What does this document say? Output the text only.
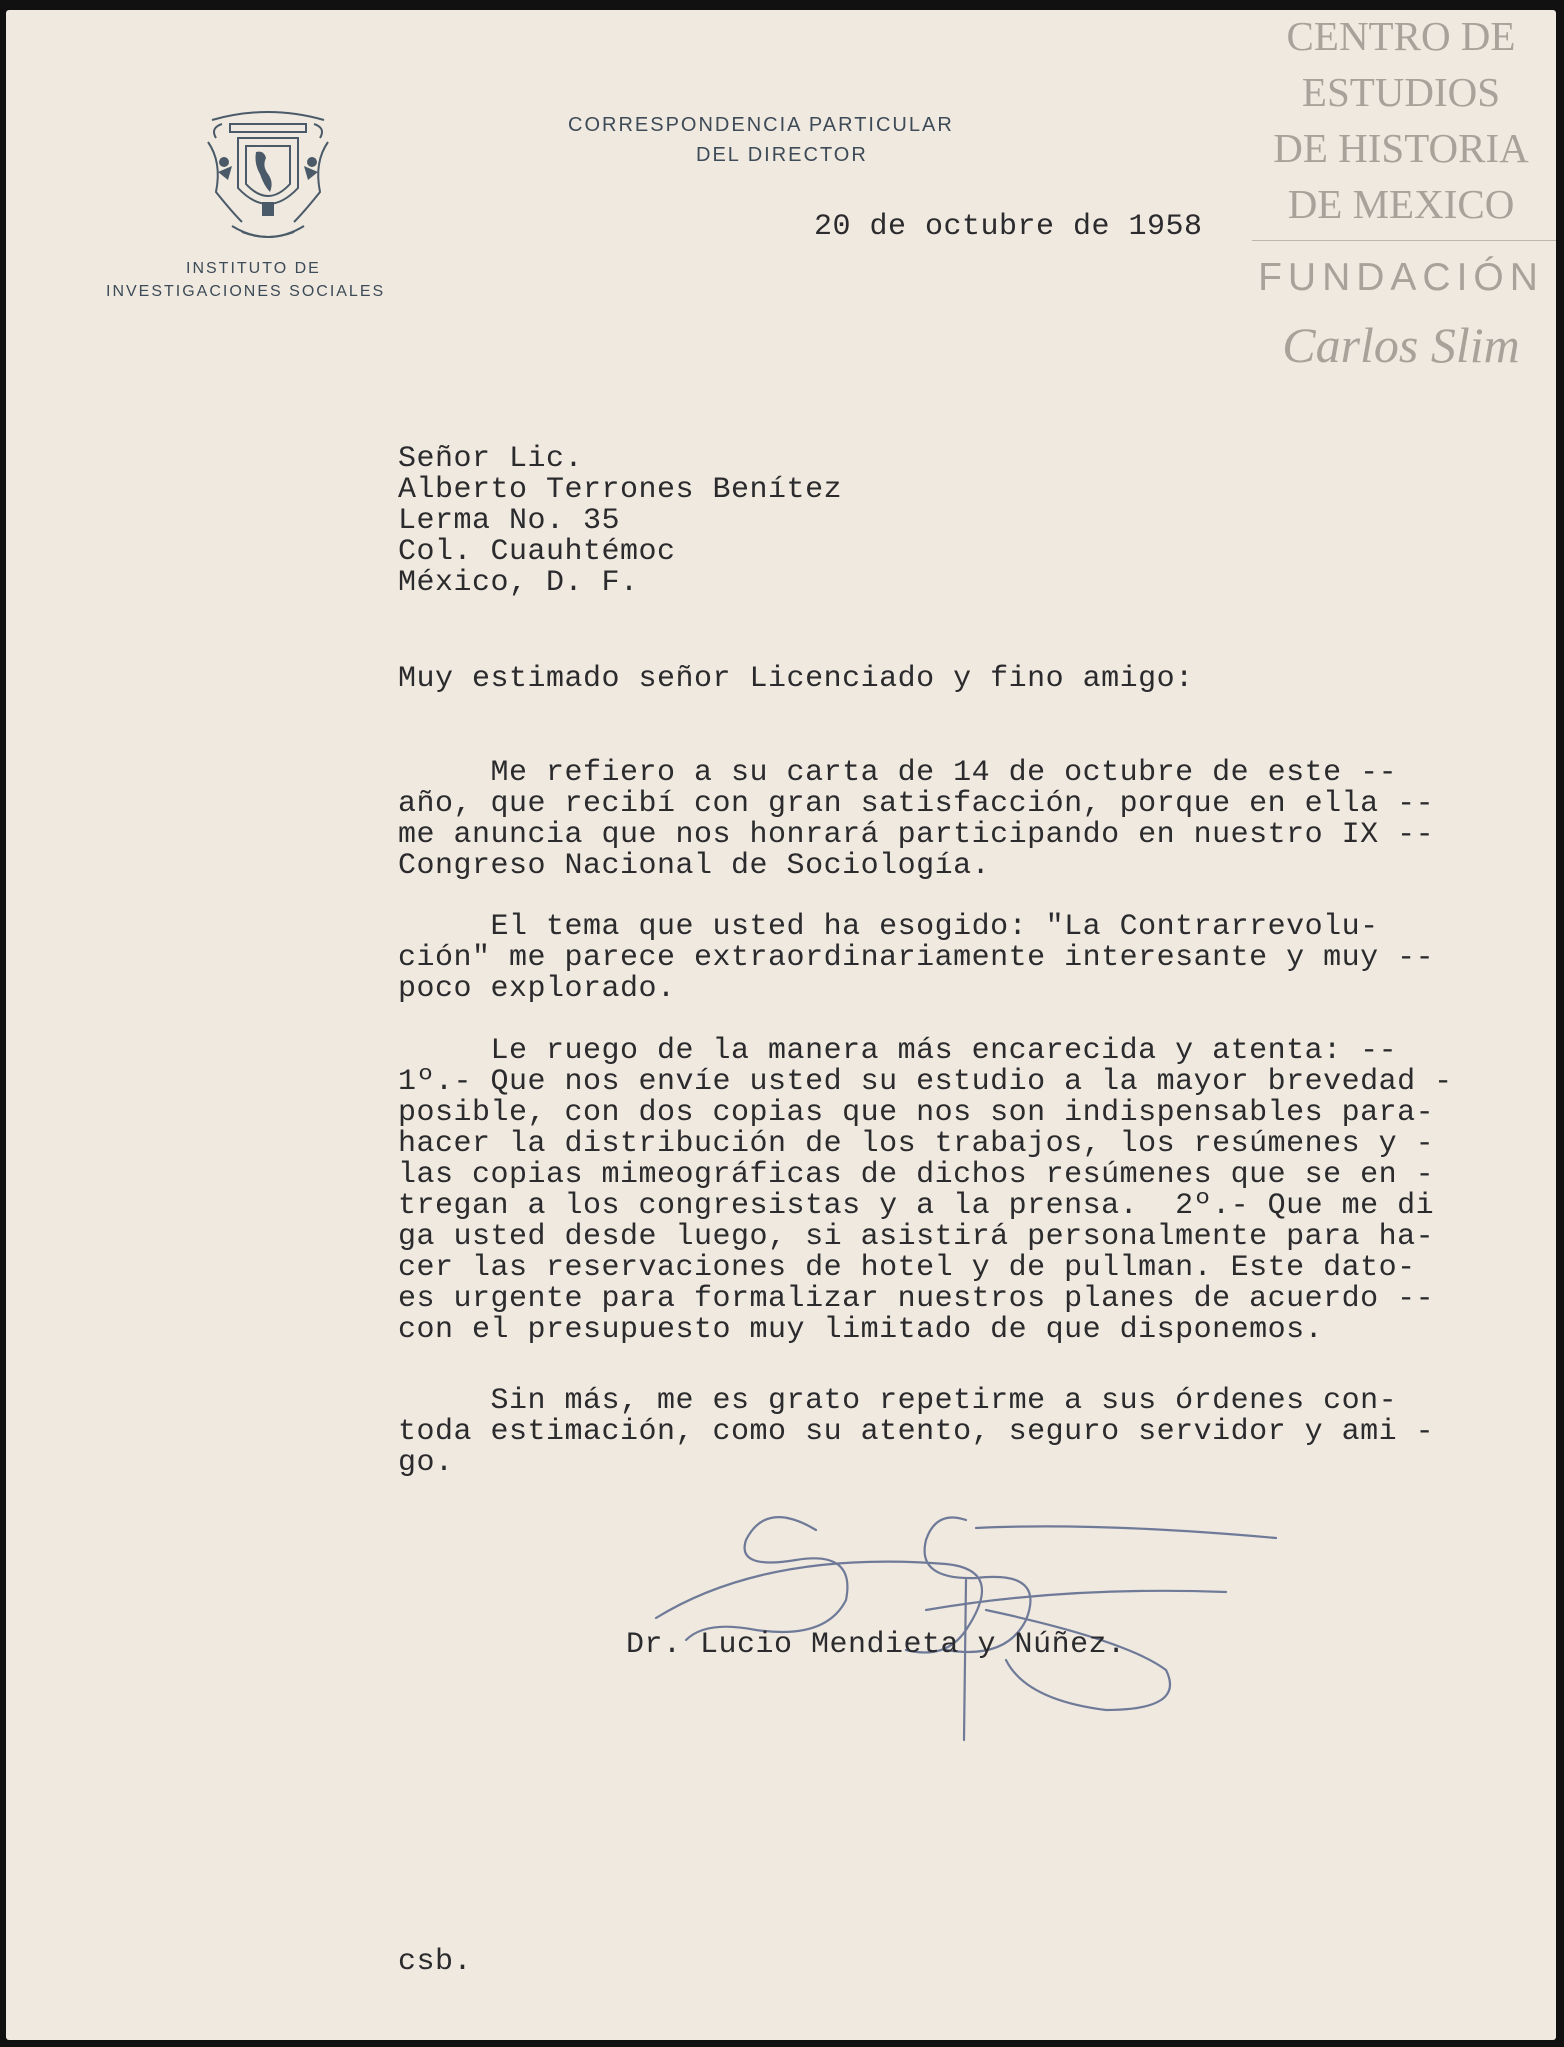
INSTITUTO DE
INVESTIGACIONES SOCIALES
CORRESPONDENCIA PARTICULAR
DEL DIRECTOR
20 de octubre de 1958
CENTRO DE
ESTUDIOS
DE HISTORIA
DE MEXICO
FUNDACIÓN
Carlos Slim
Señor Lic.
Alberto Terrones Benítez
Lerma No. 35
Col. Cuauhtémoc
México, D. F.
Muy estimado señor Licenciado y fino amigo:
Me refiero a su carta de 14 de octubre de este --
año, que recibí con gran satisfacción, porque en ella --
me anuncia que nos honrará participando en nuestro IX --
Congreso Nacional de Sociología.
El tema que usted ha esogido: "La Contrarrevolu-
ción" me parece extraordinariamente interesante y muy --
poco explorado.
Le ruego de la manera más encarecida y atenta: --
1º.- Que nos envíe usted su estudio a la mayor brevedad -
posible, con dos copias que nos son indispensables para-
hacer la distribución de los trabajos, los resúmenes y -
las copias mimeográficas de dichos resúmenes que se en -
tregan a los congresistas y a la prensa.  2º.- Que me di
ga usted desde luego, si asistirá personalmente para ha-
cer las reservaciones de hotel y de pullman. Este dato-
es urgente para formalizar nuestros planes de acuerdo --
con el presupuesto muy limitado de que disponemos.
Sin más, me es grato repetirme a sus órdenes con-
toda estimación, como su atento, seguro servidor y ami -
go.
Dr. Lucio Mendieta y Núñez.
csb.
